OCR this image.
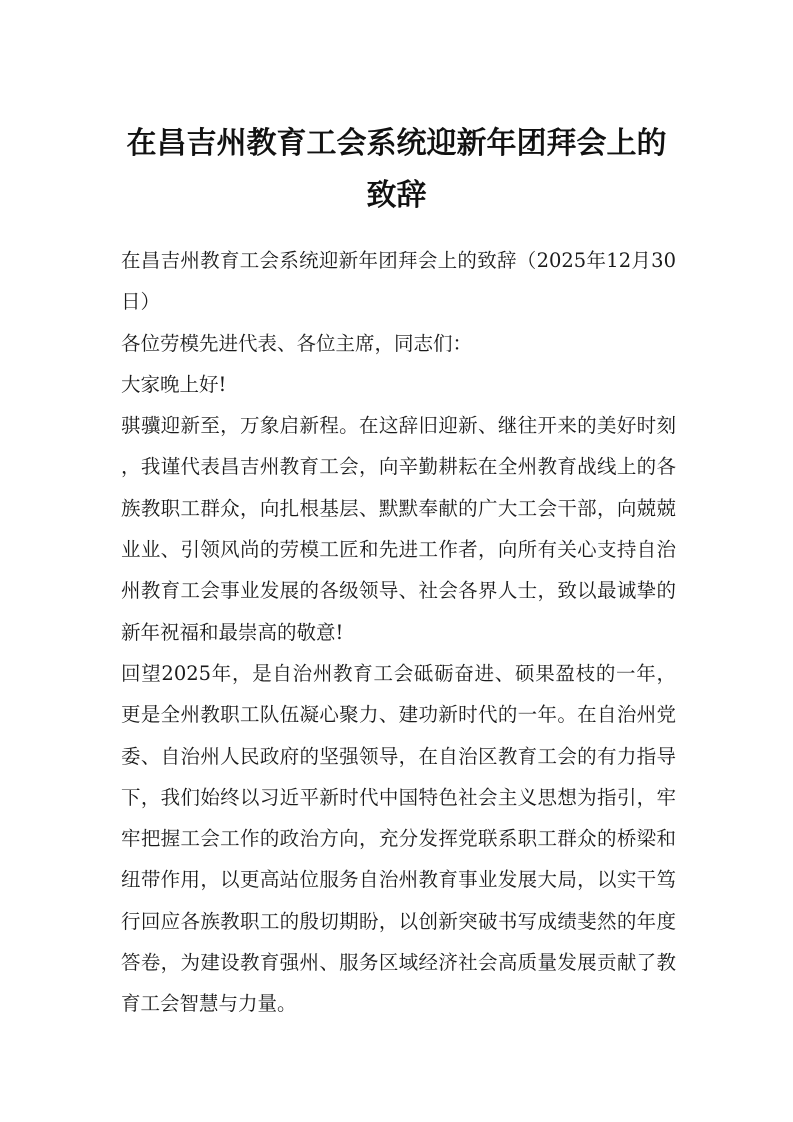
在昌吉州教育工会系统迎新年团拜会上的
致辞

在昌吉州教育工会系统迎新年团拜会上的致辞（2025年12月30日）

各位劳模先进代表、各位主席，同志们：

大家晚上好!

骐骥迎新至，万象启新程。在这辞旧迎新、继往开来的美好时刻，我谨代表昌吉州教育工会，向辛勤耕耘在全州教育战线上的各族教职工群众，向扎根基层、默默奉献的广大工会干部，向兢兢业业、引领风尚的劳模工匠和先进工作者，向所有关心支持自治州教育工会事业发展的各级领导、社会各界人士，致以最诚挚的新年祝福和最崇高的敬意!

回望2025年，是自治州教育工会砥砺奋进、硕果盈枝的一年，更是全州教职工队伍凝心聚力、建功新时代的一年。在自治州党委、自治州人民政府的坚强领导，在自治区教育工会的有力指导下，我们始终以习近平新时代中国特色社会主义思想为指引，牢牢把握工会工作的政治方向，充分发挥党联系职工群众的桥梁和纽带作用，以更高站位服务自治州教育事业发展大局，以实干笃行回应各族教职工的殷切期盼，以创新突破书写成绩斐然的年度答卷，为建设教育强州、服务区域经济社会高质量发展贡献了教育工会智慧与力量。
